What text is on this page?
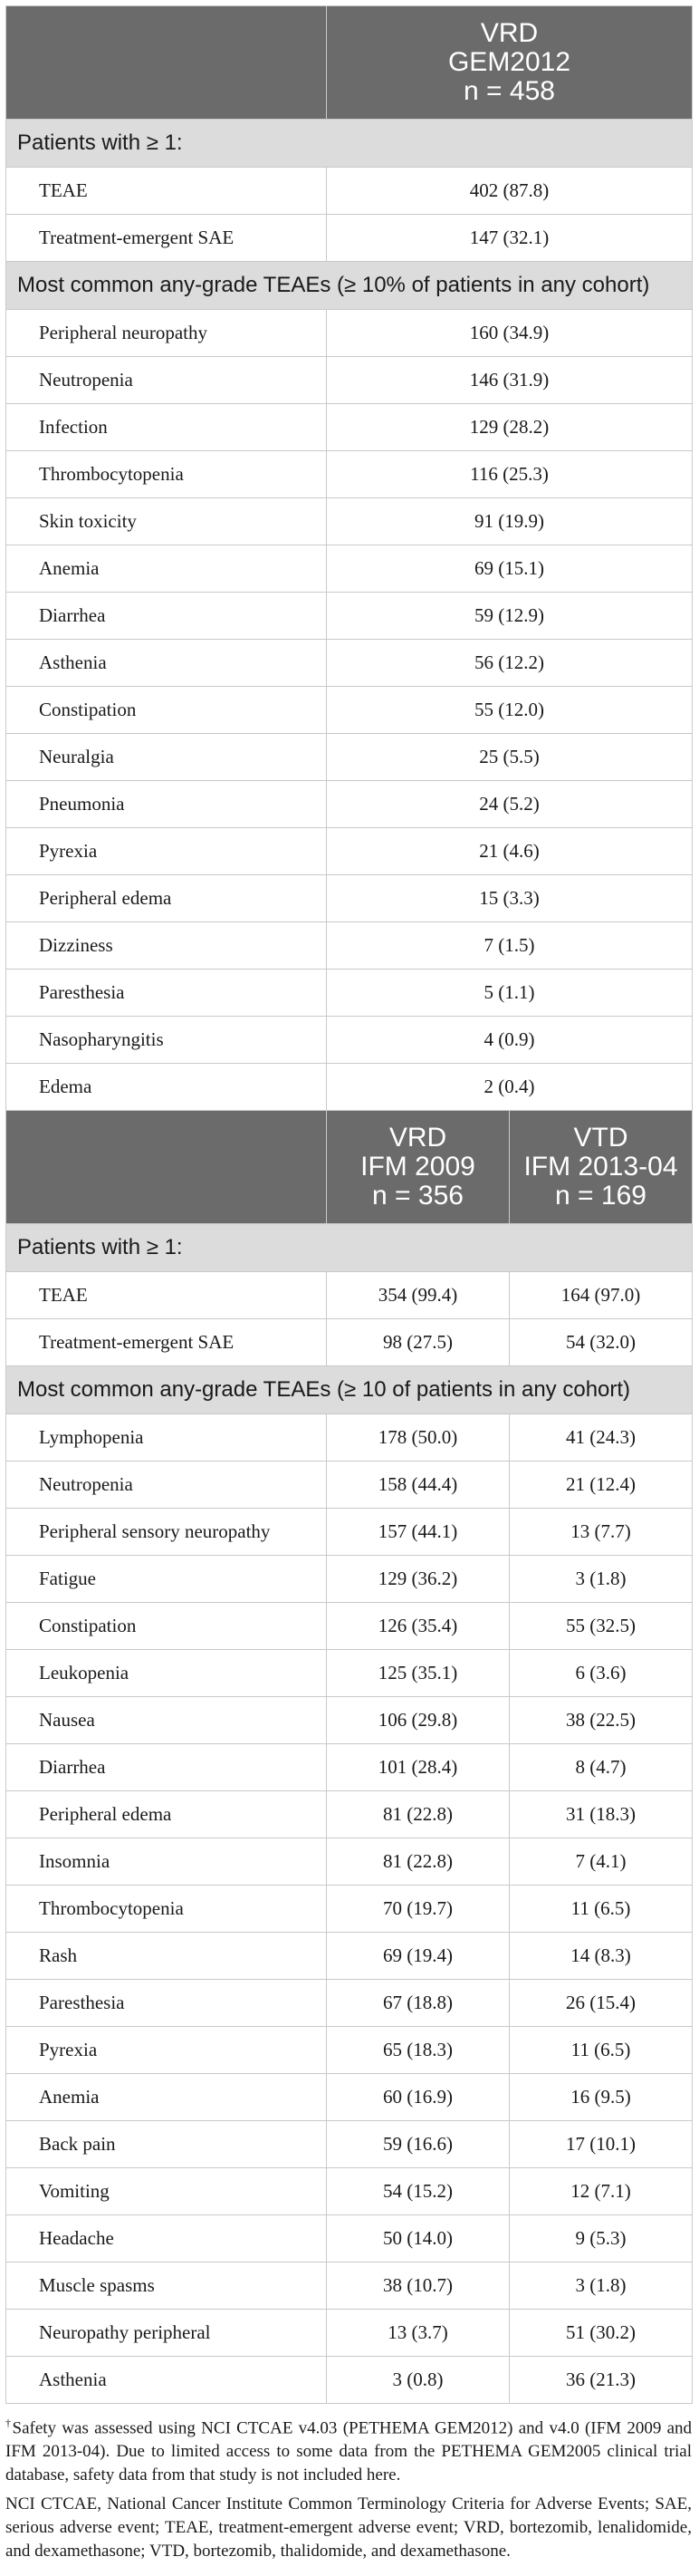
	VRD
GEM2012
n = 458	

Patients with ≥ 1:		
TEAE	402 (87.8)	
Treatment-emergent SAE	147 (32.1)	
Most common any-grade TEAEs (≥ 10% of patients in any cohort)		
Peripheral neuropathy	160 (34.9)	
Neutropenia	146 (31.9)	
Infection	129 (28.2)	
Thrombocytopenia	116 (25.3)	
Skin toxicity	91 (19.9)	
Anemia	69 (15.1)	
Diarrhea	59 (12.9)	
Asthenia	56 (12.2)	
Constipation	55 (12.0)	
Neuralgia	25 (5.5)	
Pneumonia	24 (5.2)	
Pyrexia	21 (4.6)	
Peripheral edema	15 (3.3)	
Dizziness	7 (1.5)	
Paresthesia	5 (1.1)	
Nasopharyngitis	4 (0.9)	
Edema	2 (0.4)	

	VRD
IFM 2009
n = 356	VTD
IFM 2013-04
n = 169

Patients with ≥ 1:		
TEAE	354 (99.4)	164 (97.0)
Treatment-emergent SAE	98 (27.5)	54 (32.0)
Most common any-grade TEAEs (≥ 10 of patients in any cohort)		
Lymphopenia	178 (50.0)	41 (24.3)
Neutropenia	158 (44.4)	21 (12.4)
Peripheral sensory neuropathy	157 (44.1)	13 (7.7)
Fatigue	129 (36.2)	3 (1.8)
Constipation	126 (35.4)	55 (32.5)
Leukopenia	125 (35.1)	6 (3.6)
Nausea	106 (29.8)	38 (22.5)
Diarrhea	101 (28.4)	8 (4.7)
Peripheral edema	81 (22.8)	31 (18.3)
Insomnia	81 (22.8)	7 (4.1)
Thrombocytopenia	70 (19.7)	11 (6.5)
Rash	69 (19.4)	14 (8.3)
Paresthesia	67 (18.8)	26 (15.4)
Pyrexia	65 (18.3)	11 (6.5)
Anemia	60 (16.9)	16 (9.5)
Back pain	59 (16.6)	17 (10.1)
Vomiting	54 (15.2)	12 (7.1)
Headache	50 (14.0)	9 (5.3)
Muscle spasms	38 (10.7)	3 (1.8)
Neuropathy peripheral	13 (3.7)	51 (30.2)
Asthenia	3 (0.8)	36 (21.3)

†Safety was assessed using NCI CTCAE v4.03 (PETHEMA GEM2012) and v4.0 (IFM 2009 and IFM 2013-04). Due to limited access to some data from the PETHEMA GEM2005 clinical trial database, safety data from that study is not included here.

NCI CTCAE, National Cancer Institute Common Terminology Criteria for Adverse Events; SAE, serious adverse event; TEAE, treatment-emergent adverse event; VRD, bortezomib, lenalidomide, and dexamethasone; VTD, bortezomib, thalidomide, and dexamethasone.
